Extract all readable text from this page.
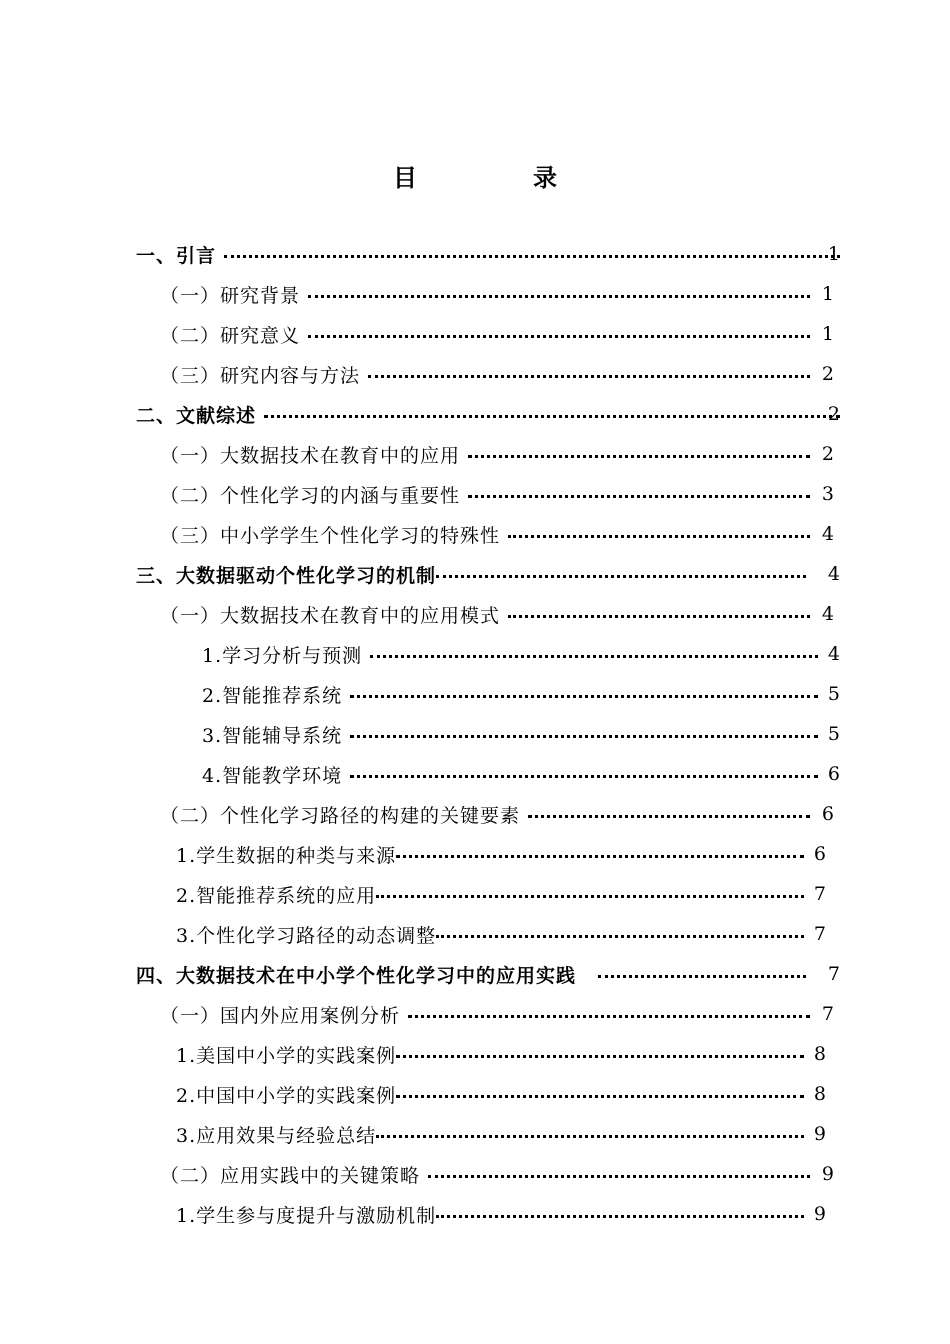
目　录
一、引言	1
（一）研究背景	1
（二）研究意义	1
（三）研究内容与方法	2
二、文献综述	2
（一）大数据技术在教育中的应用	2
（二）个性化学习的内涵与重要性	3
（三）中小学学生个性化学习的特殊性	4
三、大数据驱动个性化学习的机制	4
（一）大数据技术在教育中的应用模式	4
1.学习分析与预测	4
2.智能推荐系统	5
3.智能辅导系统	5
4.智能教学环境	6
（二）个性化学习路径的构建的关键要素	6
1.学生数据的种类与来源	6
2.智能推荐系统的应用	7
3.个性化学习路径的动态调整	7
四、大数据技术在中小学个性化学习中的应用实践	7
（一）国内外应用案例分析	7
1.美国中小学的实践案例	8
2.中国中小学的实践案例	8
3.应用效果与经验总结	9
（二）应用实践中的关键策略	9
1.学生参与度提升与激励机制	9
